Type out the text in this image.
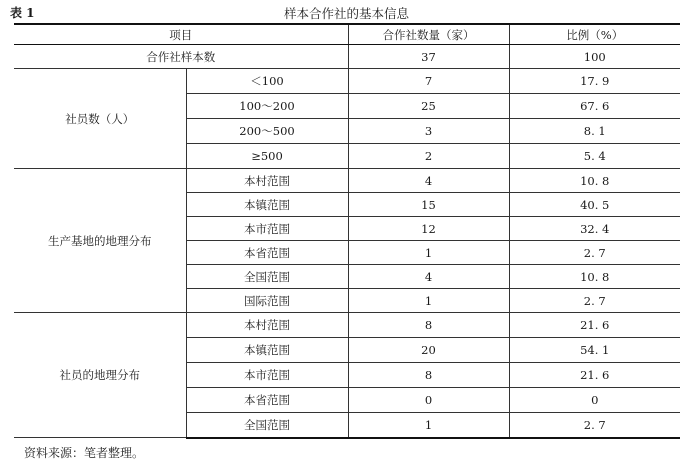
表 1	样本合作社的基本信息
项目		合作社数量（家）	比例（%）
合作社样本数		37	100
社员数（人）	＜100	7	17. 9
	100～200	25	67. 6
	200～500	3	8. 1
	≥500	2	5. 4
生产基地的地理分布	本村范围	4	10. 8
	本镇范围	15	40. 5
	本市范围	12	32. 4
	本省范围	1	2. 7
	全国范围	4	10. 8
	国际范围	1	2. 7
社员的地理分布	本村范围	8	21. 6
	本镇范围	20	54. 1
	本市范围	8	21. 6
	本省范围	0	0
	全国范围	1	2. 7
资料来源：笔者整理。
